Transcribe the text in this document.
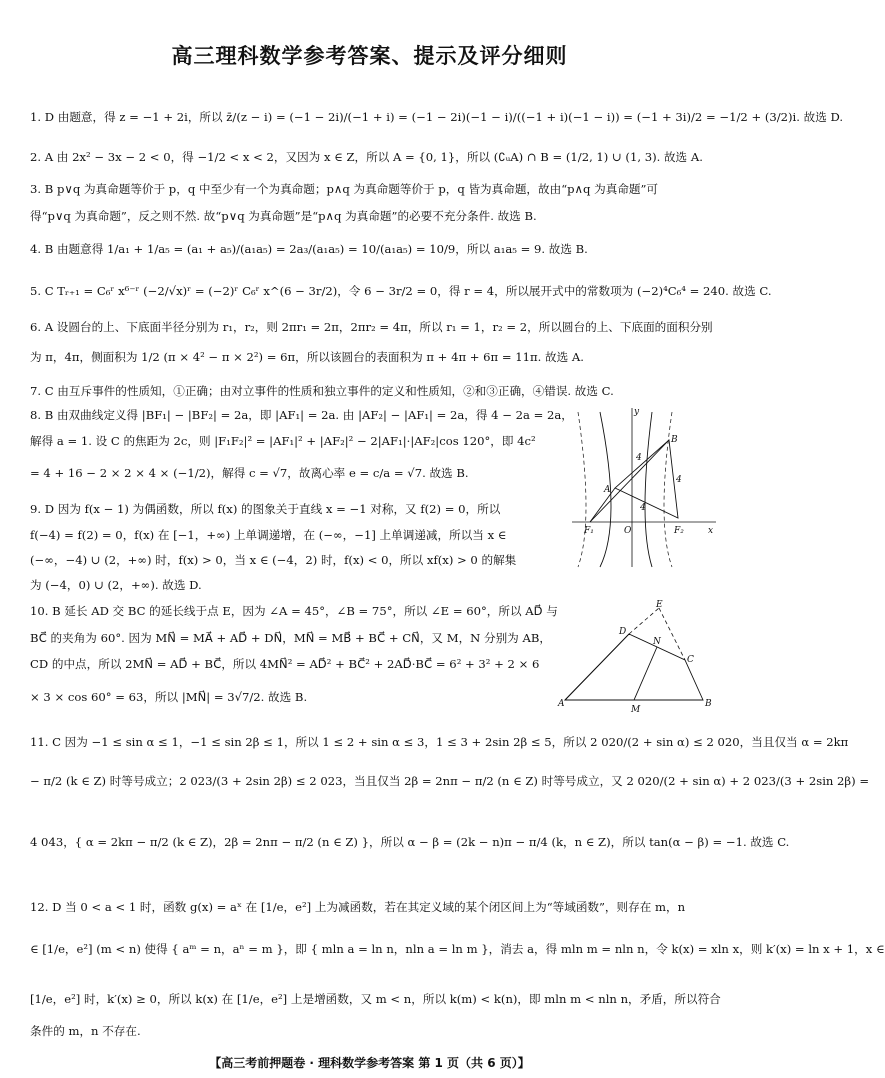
高三理科数学参考答案、提示及评分细则
1. D 由题意，得 z = −1 + 2i，所以 z̄/(z − i) = (−1 − 2i)/(−1 + i) = (−1 − 2i)(−1 − i)/((−1 + i)(−1 − i)) = (−1 + 3i)/2 = −1/2 + (3/2)i. 故选 D.
2. A 由 2x² − 3x − 2 < 0，得 −1/2 < x < 2，又因为 x ∈ Z，所以 A = {0, 1}，所以 (∁ᵤA) ∩ B = (1/2, 1) ∪ (1, 3). 故选 A.
3. B p∨q 为真命题等价于 p，q 中至少有一个为真命题；p∧q 为真命题等价于 p，q 皆为真命题，故由“p∧q 为真命题”可
得“p∨q 为真命题”，反之则不然. 故“p∨q 为真命题”是“p∧q 为真命题”的必要不充分条件. 故选 B.
4. B 由题意得 1/a₁ + 1/a₅ = (a₁ + a₅)/(a₁a₅) = 2a₃/(a₁a₅) = 10/(a₁a₅) = 10/9，所以 a₁a₅ = 9. 故选 B.
5. C Tᵣ₊₁ = C₆ʳ x⁶⁻ʳ (−2/√x)ʳ = (−2)ʳ C₆ʳ x^(6 − 3r/2)，令 6 − 3r/2 = 0，得 r = 4，所以展开式中的常数项为 (−2)⁴C₆⁴ = 240. 故选 C.
6. A 设圆台的上、下底面半径分别为 r₁，r₂，则 2πr₁ = 2π，2πr₂ = 4π，所以 r₁ = 1，r₂ = 2，所以圆台的上、下底面的面积分别
为 π，4π，侧面积为 1/2 (π × 4² − π × 2²) = 6π，所以该圆台的表面积为 π + 4π + 6π = 11π. 故选 A.
7. C 由互斥事件的性质知，①正确；由对立事件的性质和独立事件的定义和性质知，②和③正确，④错误. 故选 C.
8. B 由双曲线定义得 |BF₁| − |BF₂| = 2a，即 |AF₁| = 2a. 由 |AF₂| − |AF₁| = 2a，得 4 − 2a = 2a，
解得 a = 1. 设 C 的焦距为 2c，则 |F₁F₂|² = |AF₁|² + |AF₂|² − 2|AF₁|·|AF₂|cos 120°，即 4c²
= 4 + 16 − 2 × 2 × 4 × (−1/2)，解得 c = √7，故离心率 e = c/a = √7. 故选 B.
9. D 因为 f(x − 1) 为偶函数，所以 f(x) 的图象关于直线 x = −1 对称，又 f(2) = 0，所以
f(−4) = f(2) = 0，f(x) 在 [−1，+∞) 上单调递增，在 (−∞，−1] 上单调递减，所以当 x ∈
(−∞，−4) ∪ (2，+∞) 时，f(x) > 0，当 x ∈ (−4，2) 时，f(x) < 0，所以 xf(x) > 0 的解集
为 (−4，0) ∪ (2，+∞). 故选 D.
10. B 延长 AD 交 BC 的延长线于点 E，因为 ∠A = 45°，∠B = 75°，所以 ∠E = 60°，所以 AD⃗ 与
BC⃗ 的夹角为 60°. 因为 MN⃗ = MA⃗ + AD⃗ + DN⃗，MN⃗ = MB⃗ + BC⃗ + CN⃗，又 M，N 分别为 AB，
CD 的中点，所以 2MN⃗ = AD⃗ + BC⃗，所以 4MN⃗² = AD⃗² + BC⃗² + 2AD⃗·BC⃗ = 6² + 3² + 2 × 6
× 3 × cos 60° = 63，所以 |MN⃗| = 3√7/2. 故选 B.
11. C 因为 −1 ≤ sin α ≤ 1，−1 ≤ sin 2β ≤ 1，所以 1 ≤ 2 + sin α ≤ 3，1 ≤ 3 + 2sin 2β ≤ 5，所以 2 020/(2 + sin α) ≤ 2 020，当且仅当 α = 2kπ
− π/2 (k ∈ Z) 时等号成立；2 023/(3 + 2sin 2β) ≤ 2 023，当且仅当 2β = 2nπ − π/2 (n ∈ Z) 时等号成立，又 2 020/(2 + sin α) + 2 023/(3 + 2sin 2β) =
4 043，{ α = 2kπ − π/2 (k ∈ Z)，2β = 2nπ − π/2 (n ∈ Z) }，所以 α − β = (2k − n)π − π/4 (k，n ∈ Z)，所以 tan(α − β) = −1. 故选 C.
12. D 当 0 < a < 1 时，函数 g(x) = aˣ 在 [1/e，e²] 上为减函数，若在其定义域的某个闭区间上为“等域函数”，则存在 m，n
∈ [1/e，e²] (m < n) 使得 { aᵐ = n，aⁿ = m }，即 { mln a = ln n，nln a = ln m }，消去 a，得 mln m = nln n，令 k(x) = xln x，则 k′(x) = ln x + 1，x ∈
[1/e，e²] 时，k′(x) ≥ 0，所以 k(x) 在 [1/e，e²] 上是增函数，又 m < n，所以 k(m) < k(n)，即 mln m < nln n，矛盾，所以符合
条件的 m，n 不存在.
y
x
O
A
B
F₁	F₂
4
4
4
E
D
N
C
A
M
B
【高三考前押题卷 · 理科数学参考答案 第 1 页（共 6 页）】
